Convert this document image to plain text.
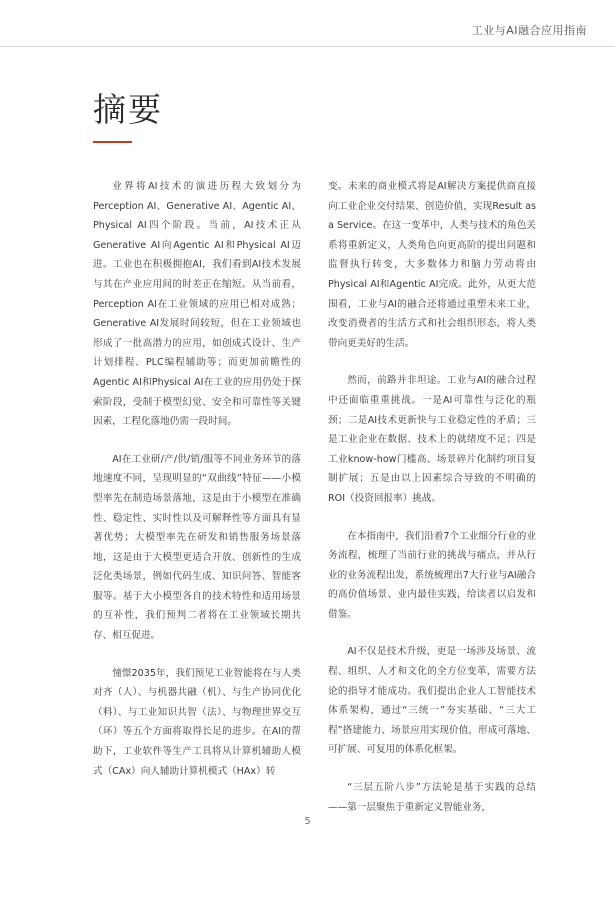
工业与AI融合应用指南
摘要

业界将AI技术的演进历程大致划分为Perception AI、Generative AI、Agentic AI、Physical AI四个阶段。当前，AI技术正从Generative AI向Agentic AI和Physical AI迈进。工业也在积极拥抱AI，我们看到AI技术发展与其在产业应用间的时差正在缩短。从当前看，Perception AI在工业领域的应用已相对成熟；Generative AI发展时间较短，但在工业领域也形成了一批高潜力的应用，如创成式设计、生产计划排程、PLC编程辅助等；而更加前瞻性的Agentic AI和Physical AI在工业的应用仍处于探索阶段，受制于模型幻觉、安全和可靠性等关键因素，工程化落地仍需一段时间。

AI在工业研/产/供/销/服等不同业务环节的落地速度不同，呈现明显的“双曲线”特征——小模型率先在制造场景落地，这是由于小模型在准确性、稳定性、实时性以及可解释性等方面具有显著优势；大模型率先在研发和销售服务场景落地，这是由于大模型更适合开放、创新性的生成泛化类场景，例如代码生成、知识问答、智能客服等。基于大小模型各自的技术特性和适用场景的互补性，我们预判二者将在工业领域长期共存、相互促进。

憧憬2035年，我们预见工业智能将在与人类对齐（人）、与机器共融（机）、与生产协同优化（料）、与工业知识共智（法）、与物理世界交互（环）等五个方面将取得长足的进步。在AI的帮助下，工业软件等生产工具将从计算机辅助人模式（CAx）向人辅助计算机模式（HAx）转

变。未来的商业模式将是AI解决方案提供商直接向工业企业交付结果、创造价值，实现Result as a Service。在这一变革中，人类与技术的角色关系将重新定义，人类角色向更高阶的提出问题和监督执行转变，大多数体力和脑力劳动将由Physical AI和Agentic AI完成。此外，从更大范围看，工业与AI的融合还将通过重塑未来工业，改变消费者的生活方式和社会组织形态，将人类带向更美好的生活。

然而，前路并非坦途。工业与AI的融合过程中还面临重重挑战。一是AI可靠性与泛化的瓶颈；二是AI技术更新快与工业稳定性的矛盾；三是工业企业在数据、技术上的就绪度不足；四是工业know-how门槛高、场景碎片化制约项目复制扩展；五是由以上因素综合导致的不明确的ROI（投资回报率）挑战。

在本指南中，我们沿着7个工业细分行业的业务流程，梳理了当前行业的挑战与痛点，并从行业的业务流程出发，系统梳理出7大行业与AI融合的高价值场景、业内最佳实践，给读者以启发和借鉴。

AI不仅是技术升级，更是一场涉及场景、流程、组织、人才和文化的全方位变革，需要方法论的指导才能成功。我们提出企业人工智能技术体系架构，通过“三统一”夯实基础、“三大工程”搭建能力、场景应用实现价值，形成可落地、可扩展、可复用的体系化框架。

“三层五阶八步”方法轮是基于实践的总结——第一层聚焦于重新定义智能业务，

5
